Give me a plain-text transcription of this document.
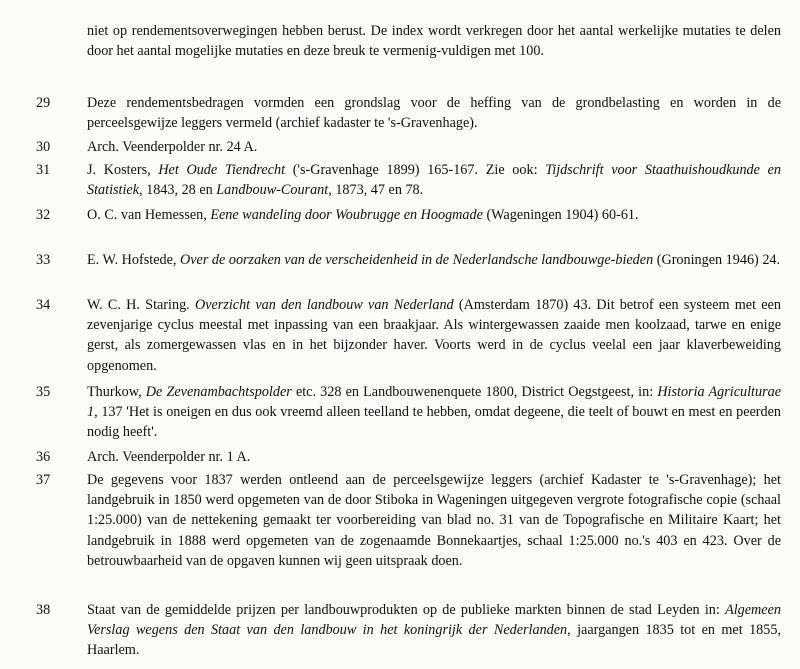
niet op rendementsoverwegingen hebben berust. De index wordt verkregen door het aantal werkelijke mutaties te delen door het aantal mogelijke mutaties en deze breuk te vermenig-vuldigen met 100.
29	Deze rendementsbedragen vormden een grondslag voor de heffing van de grondbelasting en worden in de perceelsgewijze leggers vermeld (archief kadaster te 's-Gravenhage).
30	Arch. Veenderpolder nr. 24 A.
31	J. Kosters, Het Oude Tiendrecht ('s-Gravenhage 1899) 165-167. Zie ook: Tijdschrift voor Staathuishoudkunde en Statistiek, 1843, 28 en Landbouw-Courant, 1873, 47 en 78.
32	O. C. van Hemessen, Eene wandeling door Woubrugge en Hoogmade (Wageningen 1904) 60-61.
33	E. W. Hofstede, Over de oorzaken van de verscheidenheid in de Nederlandsche landbouwge-bieden (Groningen 1946) 24.
34	W. C. H. Staring. Overzicht van den landbouw van Nederland (Amsterdam 1870) 43. Dit betrof een systeem met een zevenjarige cyclus meestal met inpassing van een braakjaar. Als wintergewassen zaaide men koolzaad, tarwe en enige gerst, als zomergewassen vlas en in het bijzonder haver. Voorts werd in de cyclus veelal een jaar klaverbeweiding opgenomen.
35	Thurkow, De Zevenambachtspolder etc. 328 en Landbouwenenquete 1800, District Oegstgeest, in: Historia Agriculturae 1, 137 'Het is oneigen en dus ook vreemd alleen teelland te hebben, omdat degeene, die teelt of bouwt en mest en peerden nodig heeft'.
36	Arch. Veenderpolder nr. 1 A.
37	De gegevens voor 1837 werden ontleend aan de perceelsgewijze leggers (archief Kadaster te 's-Gravenhage); het landgebruik in 1850 werd opgemeten van de door Stiboka in Wageningen uitgegeven vergrote fotografische copie (schaal 1:25.000) van de nettekening gemaakt ter voorbereiding van blad no. 31 van de Topografische en Militaire Kaart; het landgebruik in 1888 werd opgemeten van de zogenaamde Bonnekaartjes, schaal 1:25.000 no.'s 403 en 423. Over de betrouwbaarheid van de opgaven kunnen wij geen uitspraak doen.
38	Staat van de gemiddelde prijzen per landbouwprodukten op de publieke markten binnen de stad Leyden in: Algemeen Verslag wegens den Staat van den landbouw in het koningrijk der Nederlanden, jaargangen 1835 tot en met 1855, Haarlem.
